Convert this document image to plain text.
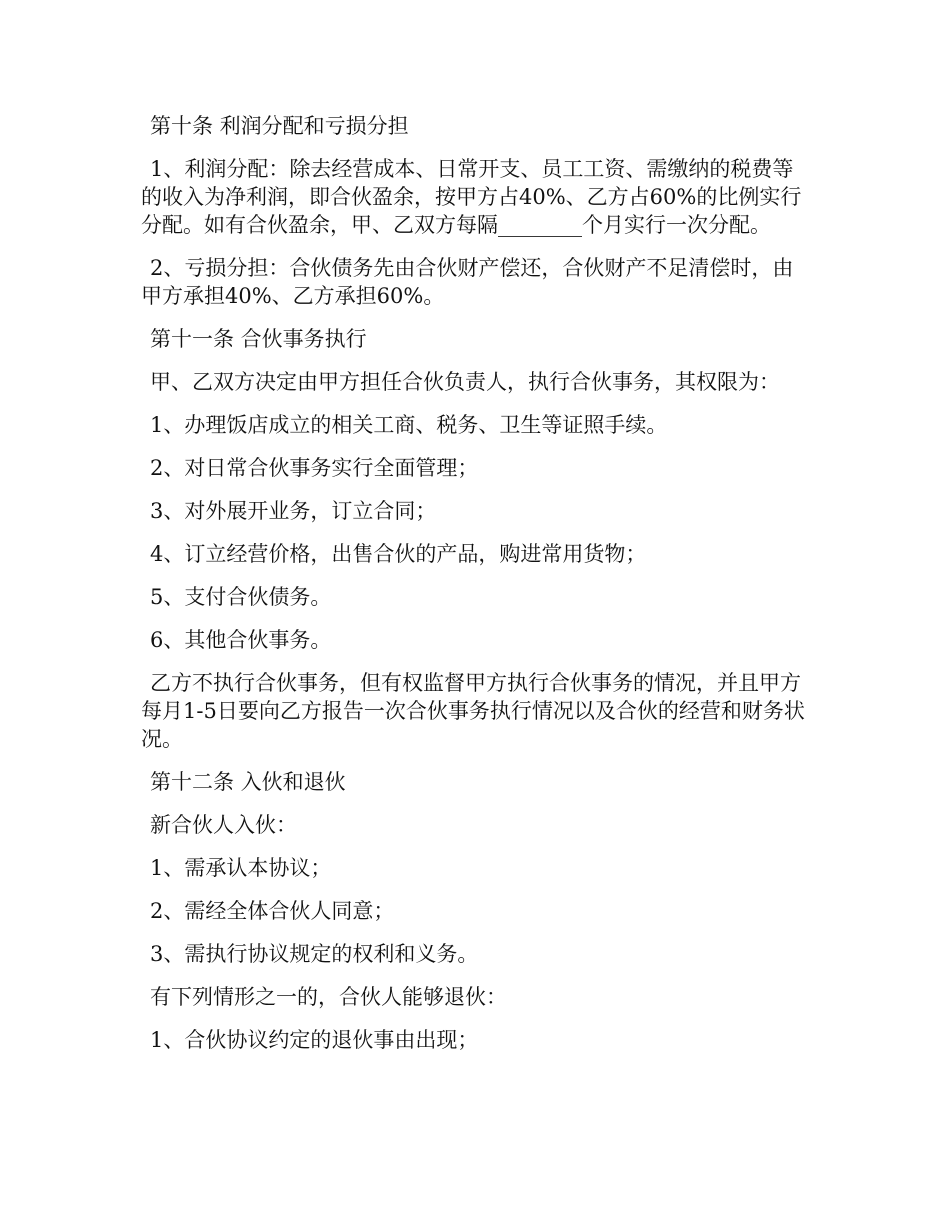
第十条 利润分配和亏损分担

1、利润分配：除去经营成本、日常开支、员工工资、需缴纳的税费等的收入为净利润，即合伙盈余，按甲方占40%、乙方占60%的比例实行分配。如有合伙盈余，甲、乙双方每隔________个月实行一次分配。

2、亏损分担：合伙债务先由合伙财产偿还，合伙财产不足清偿时，由甲方承担40%、乙方承担60%。

第十一条 合伙事务执行

甲、乙双方决定由甲方担任合伙负责人，执行合伙事务，其权限为：

1、办理饭店成立的相关工商、税务、卫生等证照手续。

2、对日常合伙事务实行全面管理；

3、对外展开业务，订立合同；

4、订立经营价格，出售合伙的产品，购进常用货物；

5、支付合伙债务。

6、其他合伙事务。

乙方不执行合伙事务，但有权监督甲方执行合伙事务的情况，并且甲方每月1-5日要向乙方报告一次合伙事务执行情况以及合伙的经营和财务状况。

第十二条 入伙和退伙

新合伙人入伙：

1、需承认本协议；

2、需经全体合伙人同意；

3、需执行协议规定的权利和义务。

有下列情形之一的，合伙人能够退伙：

1、合伙协议约定的退伙事由出现；
